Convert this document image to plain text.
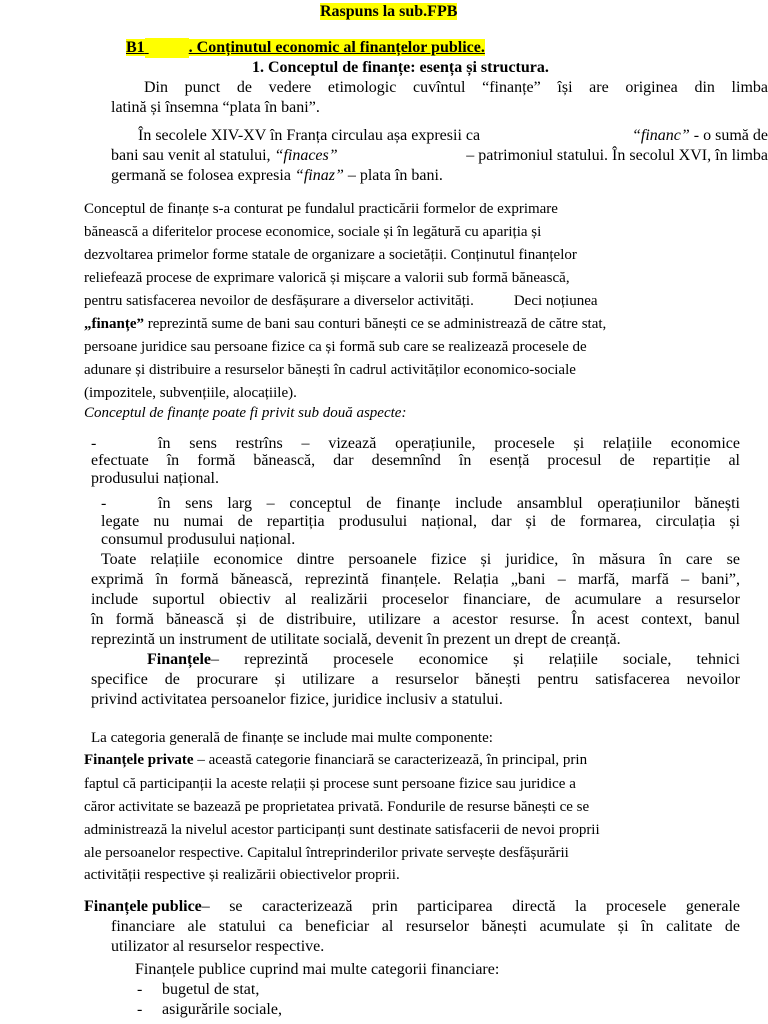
Raspuns la sub.FPB
B1	. Conținutul economic al finanțelor publice.
1. Conceptul de finanțe: esența și structura.
Din punct de vedere etimologic cuvîntul “finanțe” își are originea din limba
latină și însemna “plata în bani”.
În secolele XIV-XV în Franța circulau așa expresii ca	“financ” - o sumă de
bani sau venit al statului, “finaces”	– patrimoniul statului. În secolul XVI, în limba
germană se folosea expresia “finaz” – plata în bani.
Conceptul de finanțe s-a conturat pe fundalul practicării formelor de exprimare
bănească a diferitelor procese economice, sociale și în legătură cu apariția și
dezvoltarea primelor forme statale de organizare a societății. Conținutul finanțelor
reliefează procese de exprimare valorică și mișcare a valorii sub formă bănească,
pentru satisfacerea nevoilor de desfășurare a diverselor activități.	Deci noțiunea
„finanțe” reprezintă sume de bani sau conturi bănești ce se administrează de către stat,
persoane juridice sau persoane fizice ca și formă sub care se realizează procesele de
adunare și distribuire a resurselor bănești în cadrul activităților economico-sociale
(impozitele, subvențiile, alocațiile).
Conceptul de finanțe poate fi privit sub două aspecte:
-	în sens restrîns – vizează operațiunile, procesele și relațiile economice
efectuate în formă bănească, dar desemnînd în esență procesul de repartiție al
produsului național.
-	în sens larg – conceptul de finanțe include ansamblul operațiunilor bănești
legate nu numai de repartiția produsului național, dar și de formarea, circulația și
consumul produsului național.
Toate relațiile economice dintre persoanele fizice și juridice, în măsura în care se
exprimă în formă bănească, reprezintă finanțele. Relația „bani – marfă, marfă – bani”,
include suportul obiectiv al realizării proceselor financiare, de acumulare a resurselor
în formă bănească și de distribuire, utilizare a acestor resurse. În acest context, banul
reprezintă un instrument de utilitate socială, devenit în prezent un drept de creanță.
Finanțele – reprezintă procesele economice și relațiile sociale, tehnici
specifice de procurare și utilizare a resurselor bănești pentru satisfacerea nevoilor
privind activitatea persoanelor fizice, juridice inclusiv a statului.
La categoria generală de finanțe se include mai multe componente:
Finanțele private – această categorie financiară se caracterizează, în principal, prin
faptul că participanții la aceste relații și procese sunt persoane fizice sau juridice a
căror activitate se bazează pe proprietatea privată. Fondurile de resurse bănești ce se
administrează la nivelul acestor participanți sunt destinate satisfacerii de nevoi proprii
ale persoanelor respective. Capitalul întreprinderilor private servește desfășurării
activității respective și realizării obiectivelor proprii.
Finanțele publice – se caracterizează prin participarea directă la procesele generale
financiare ale statului ca beneficiar al resurselor bănești acumulate și în calitate de
utilizator al resurselor respective.
Finanțele publice cuprind mai multe categorii financiare:
- bugetul de stat,
- asigurările sociale,
